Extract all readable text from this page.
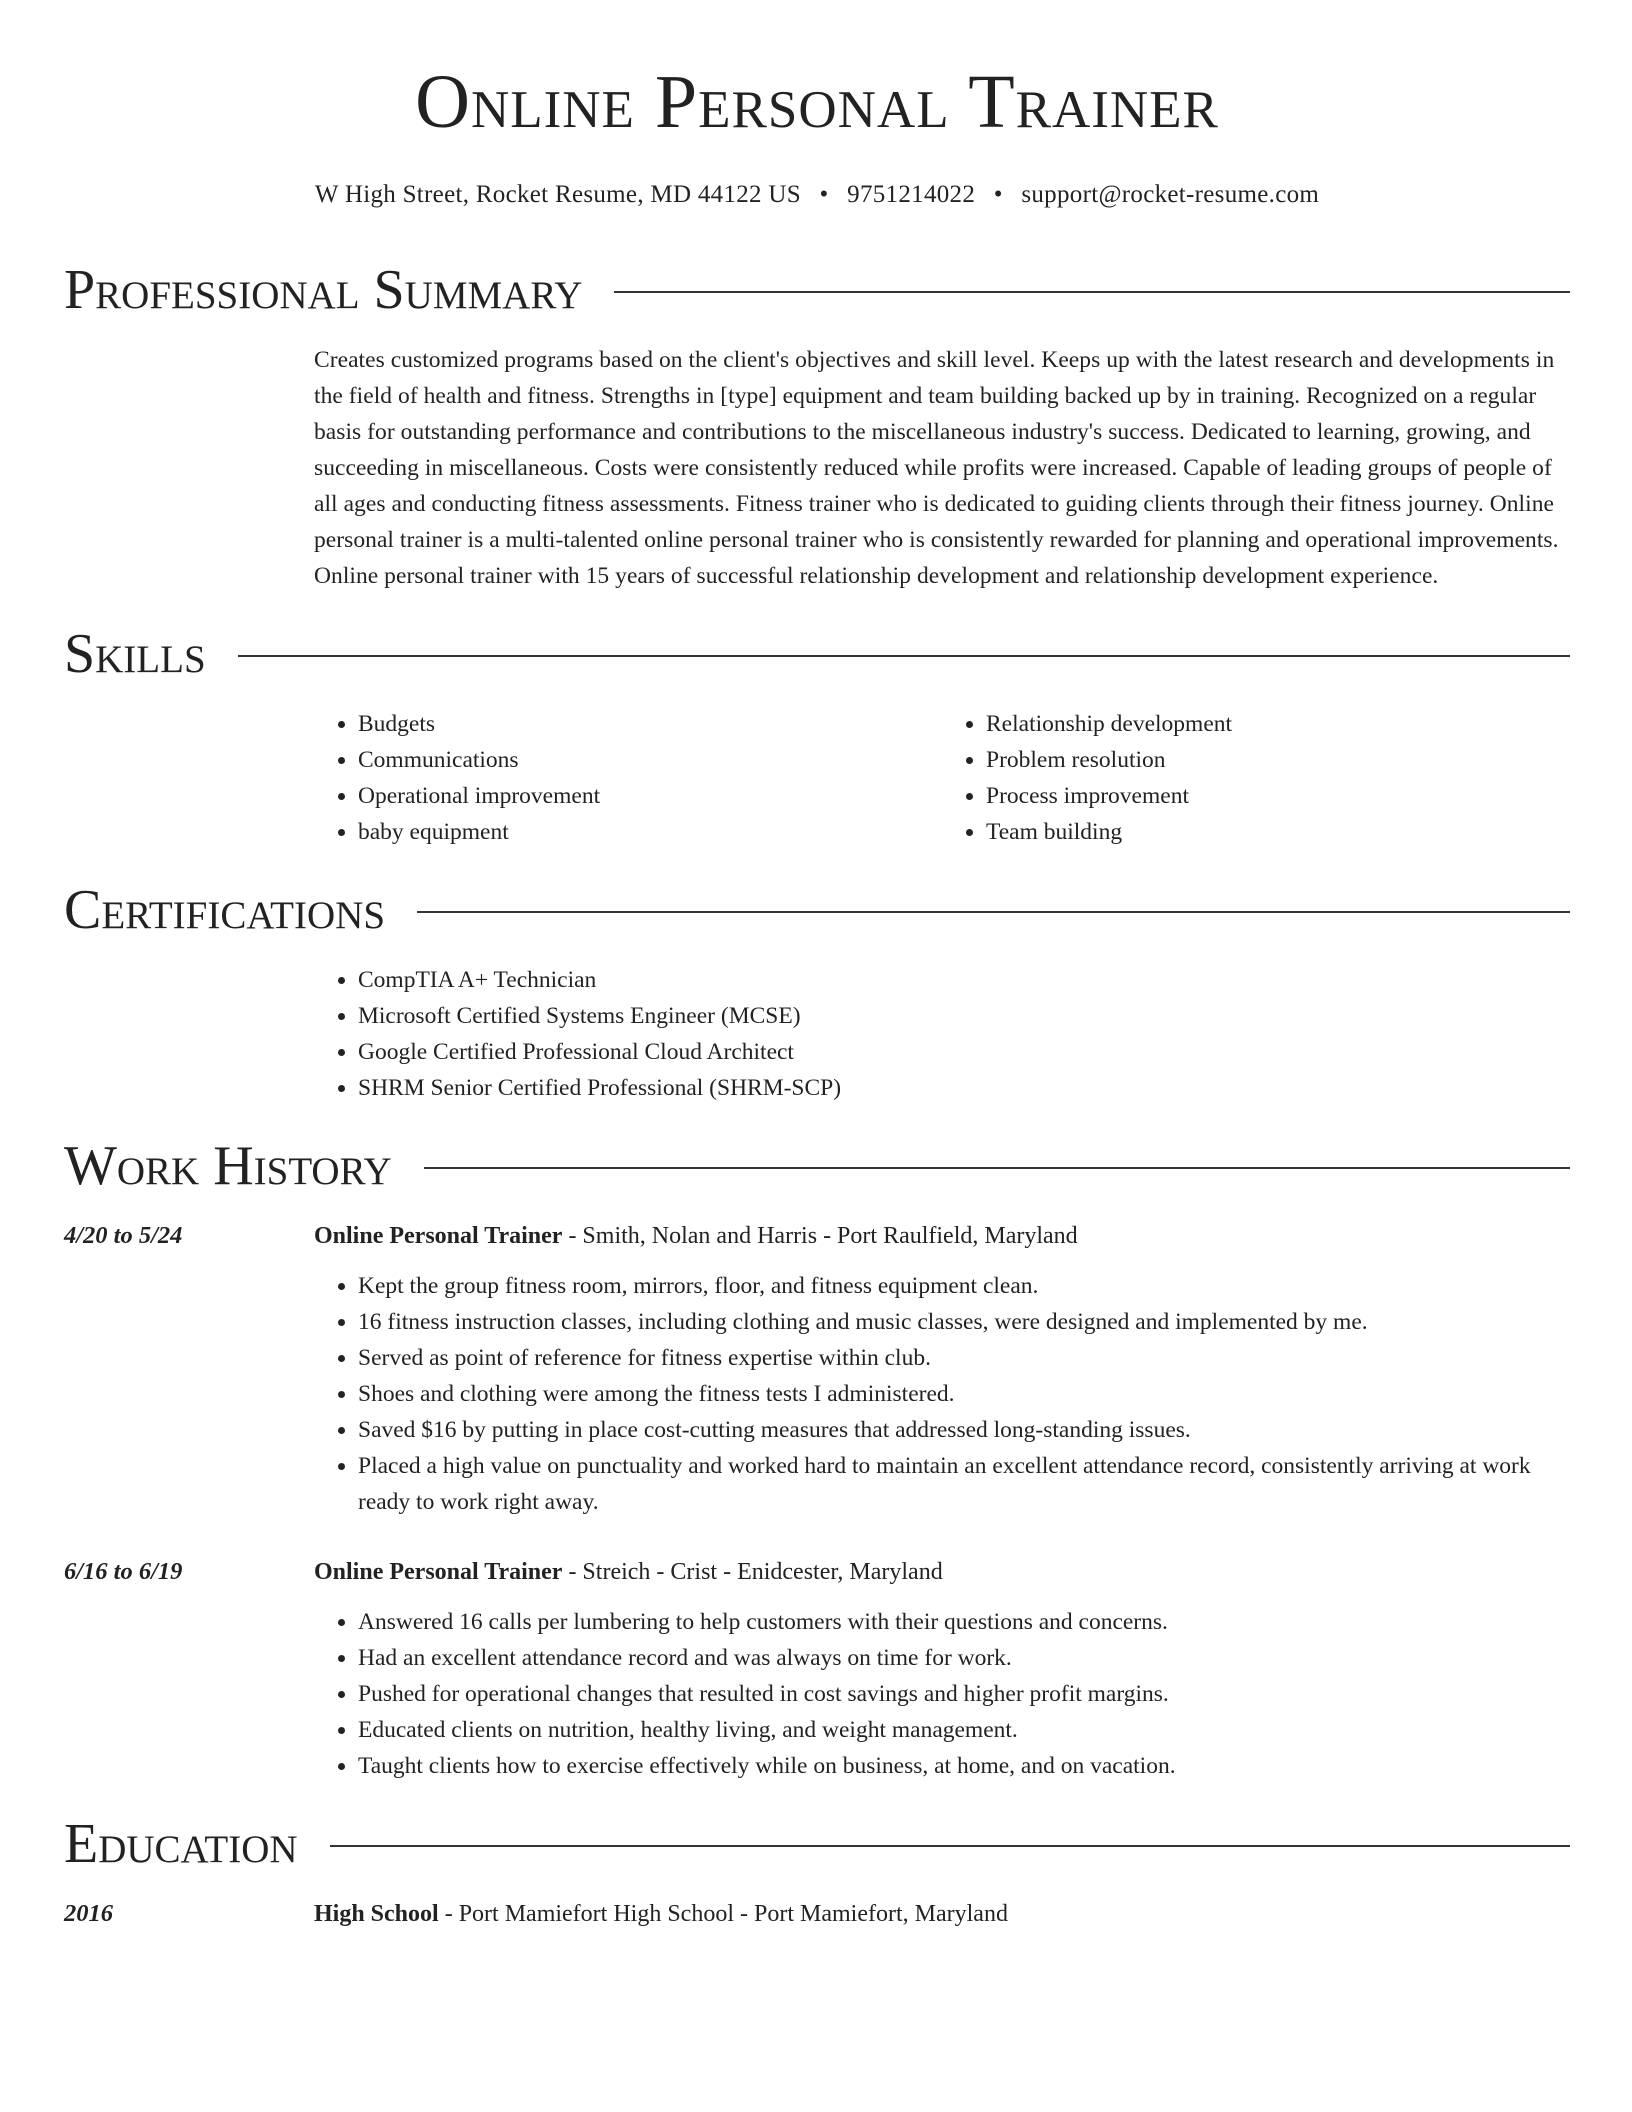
Online Personal Trainer
W High Street, Rocket Resume, MD 44122 US • 9751214022 • support@rocket-resume.com
Professional Summary

Creates customized programs based on the client's objectives and skill level. Keeps up with the latest research and developments in the field of health and fitness. Strengths in [type] equipment and team building backed up by in training. Recognized on a regular basis for outstanding performance and contributions to the miscellaneous industry's success. Dedicated to learning, growing, and succeeding in miscellaneous. Costs were consistently reduced while profits were increased. Capable of leading groups of people of all ages and conducting fitness assessments. Fitness trainer who is dedicated to guiding clients through their fitness journey. Online personal trainer is a multi-talented online personal trainer who is consistently rewarded for planning and operational improvements. Online personal trainer with 15 years of successful relationship development and relationship development experience.

Skills
• Budgets
• Communications
• Operational improvement
• baby equipment
• Relationship development
• Problem resolution
• Process improvement
• Team building
Certifications
• CompTIA A+ Technician
• Microsoft Certified Systems Engineer (MCSE)
• Google Certified Professional Cloud Architect
• SHRM Senior Certified Professional (SHRM-SCP)
Work History
4/20 to 5/24	Online Personal Trainer - Smith, Nolan and Harris - Port Raulfield, Maryland
• Kept the group fitness room, mirrors, floor, and fitness equipment clean.
• 16 fitness instruction classes, including clothing and music classes, were designed and implemented by me.
• Served as point of reference for fitness expertise within club.
• Shoes and clothing were among the fitness tests I administered.
• Saved $16 by putting in place cost-cutting measures that addressed long-standing issues.
• Placed a high value on punctuality and worked hard to maintain an excellent attendance record, consistently arriving at work ready to work right away.
6/16 to 6/19	Online Personal Trainer - Streich - Crist - Enidcester, Maryland
• Answered 16 calls per lumbering to help customers with their questions and concerns.
• Had an excellent attendance record and was always on time for work.
• Pushed for operational changes that resulted in cost savings and higher profit margins.
• Educated clients on nutrition, healthy living, and weight management.
• Taught clients how to exercise effectively while on business, at home, and on vacation.
Education
2016	High School - Port Mamiefort High School - Port Mamiefort, Maryland
